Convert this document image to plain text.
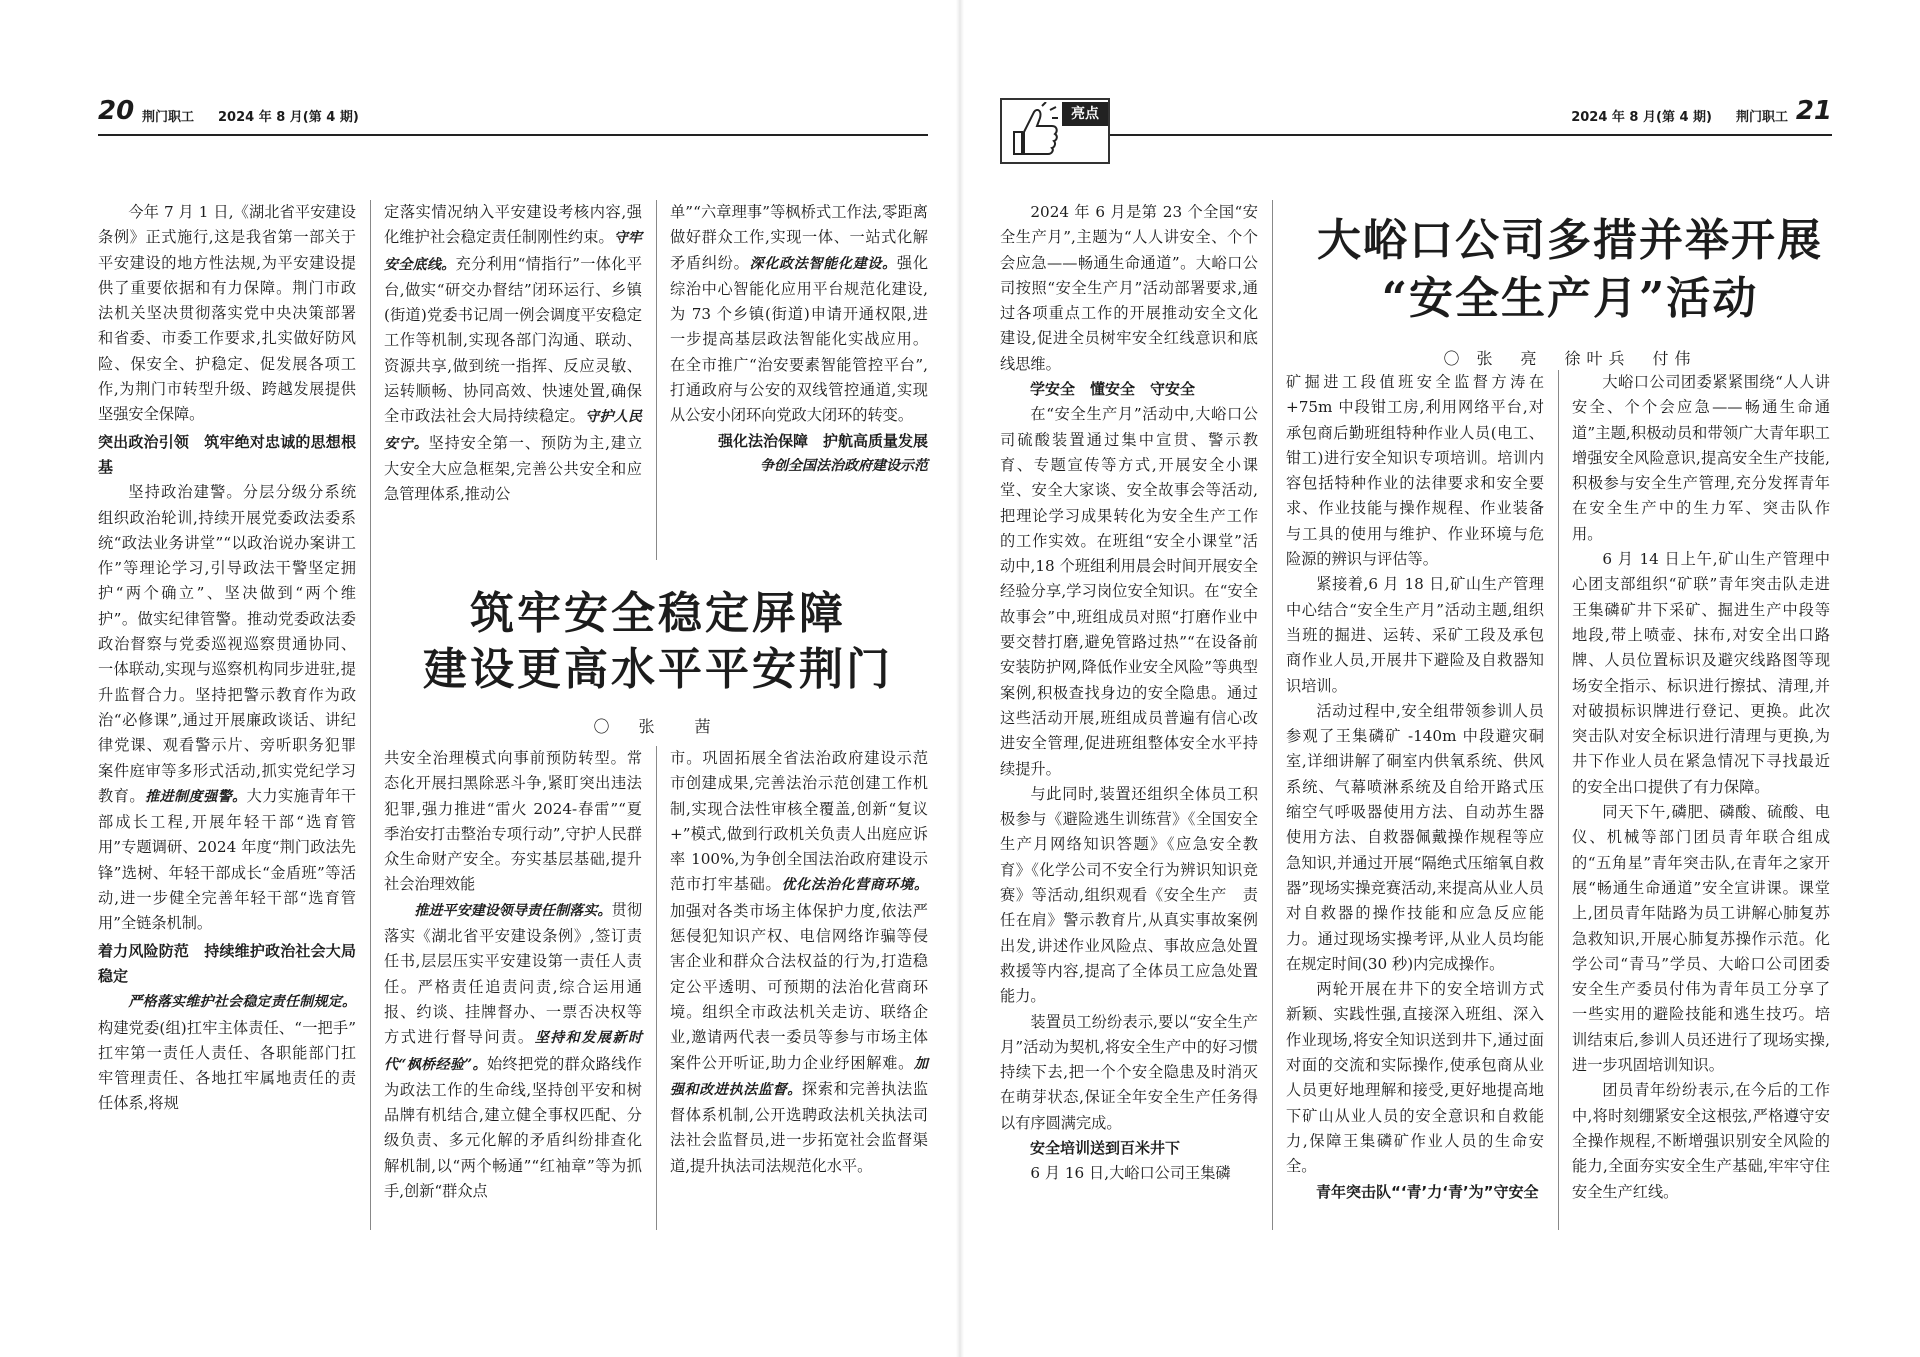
20 荆门职工 2024 年 8 月(第 4 期)	2024 年 8 月(第 4 期) 荆门职工 21
亮点

今年 7 月 1 日,《湖北省平安建设条例》正式施行,这是我省第一部关于平安建设的地方性法规,为平安建设提供了重要依据和有力保障。荆门市政法机关坚决贯彻落实党中央决策部署和省委、市委工作要求,扎实做好防风险、保安全、护稳定、促发展各项工作,为荆门市转型升级、跨越发展提供坚强安全保障。

突出政治引领　筑牢绝对忠诚的思想根基

坚持政治建警。分层分级分系统组织政治轮训,持续开展党委政法委系统“政法业务讲堂”“以政治说办案讲工作”等理论学习,引导政法干警坚定拥护“两个确立”、坚决做到“两个维护”。做实纪律管警。推动党委政法委政治督察与党委巡视巡察贯通协同、一体联动,实现与巡察机构同步进驻,提升监督合力。坚持把警示教育作为政治“必修课”,通过开展廉政谈话、讲纪律党课、观看警示片、旁听职务犯罪案件庭审等多形式活动,抓实党纪学习教育。推进制度强警。大力实施青年干部成长工程,开展年轻干部“选育管用”专题调研、2024 年度“荆门政法先锋”选树、年轻干部成长“金盾班”等活动,进一步健全完善年轻干部“选育管用”全链条机制。

着力风险防范　持续维护政治社会大局稳定

严格落实维护社会稳定责任制规定。构建党委(组)扛牢主体责任、“一把手” 扛牢第一责任人责任、各职能部门扛牢管理责任、各地扛牢属地责任的责任体系,将规

定落实情况纳入平安建设考核内容,强化维护社会稳定责任制刚性约束。守牢安全底线。充分利用“情指行”一体化平台,做实“研交办督结”闭环运行、乡镇(街道)党委书记周一例会调度平安稳定工作等机制,实现各部门沟通、联动、资源共享,做到统一指挥、反应灵敏、运转顺畅、协同高效、快速处置,确保全市政法社会大局持续稳定。守护人民安宁。坚持安全第一、预防为主,建立大安全大应急框架,完善公共安全和应急管理体系,推动公

单”“六章理事”等枫桥式工作法,零距离做好群众工作,实现一体、一站式化解矛盾纠纷。深化政法智能化建设。强化综治中心智能化应用平台规范化建设,为 73 个乡镇(街道)申请开通权限,进一步提高基层政法智能化实战应用。在全市推广“治安要素智能管控平台”,打通政府与公安的双线管控通道,实现从公安小闭环向党政大闭环的转变。

强化法治保障　护航高质量发展
争创全国法治政府建设示范
筑牢安全稳定屏障
建设更高水平平安荆门
〇 张　茜

共安全治理模式向事前预防转型。常态化开展扫黑除恶斗争,紧盯突出违法犯罪,强力推进“雷火 2024-春雷”“夏季治安打击整治专项行动”,守护人民群众生命财产安全。夯实基层基础,提升社会治理效能

推进平安建设领导责任制落实。贯彻落实《湖北省平安建设条例》,签订责任书,层层压实平安建设第一责任人责任。严格责任追责问责,综合运用通报、约谈、挂牌督办、一票否决权等方式进行督导问责。坚持和发展新时代“枫桥经验”。始终把党的群众路线作为政法工作的生命线,坚持创平安和树品牌有机结合,建立健全事权匹配、分级负责、多元化解的矛盾纠纷排查化解机制,以“两个畅通”“红袖章”等为抓手,创新“群众点

市。巩固拓展全省法治政府建设示范市创建成果,完善法治示范创建工作机制,实现合法性审核全覆盖,创新“复议 +”模式,做到行政机关负责人出庭应诉率 100%,为争创全国法治政府建设示范市打牢基础。优化法治化营商环境。加强对各类市场主体保护力度,依法严惩侵犯知识产权、电信网络诈骗等侵害企业和群众合法权益的行为,打造稳定公平透明、可预期的法治化营商环境。组织全市政法机关走访、联络企业,邀请两代表一委员等参与市场主体案件公开听证,助力企业纾困解难。加强和改进执法监督。探索和完善执法监督体系机制,公开选聘政法机关执法司法社会监督员,进一步拓宽社会监督渠道,提升执法司法规范化水平。

2024 年 6 月是第 23 个全国“安全生产月”,主题为“人人讲安全、个个会应急——畅通生命通道”。大峪口公司按照“安全生产月”活动部署要求,通过各项重点工作的开展推动安全文化建设,促进全员树牢安全红线意识和底线思维。

学安全　懂安全　守安全

在“安全生产月”活动中,大峪口公司硫酸装置通过集中宣贯、警示教育、专题宣传等方式,开展安全小课堂、安全大家谈、安全故事会等活动,把理论学习成果转化为安全生产工作的工作实效。在班组“安全小课堂”活动中,18 个班组利用晨会时间开展安全经验分享,学习岗位安全知识。在“安全故事会”中,班组成员对照“打磨作业中要交替打磨,避免管路过热”“在设备前安装防护网,降低作业安全风险”等典型案例,积极查找身边的安全隐患。通过这些活动开展,班组成员普遍有信心改进安全管理,促进班组整体安全水平持续提升。

与此同时,装置还组织全体员工积极参与《避险逃生训练营》《全国安全生产月网络知识答题》《应急安全教育》《化学公司不安全行为辨识知识竞赛》等活动,组织观看《安全生产　责任在肩》警示教育片,从真实事故案例出发,讲述作业风险点、事故应急处置救援等内容,提高了全体员工应急处置能力。

装置员工纷纷表示,要以“安全生产月”活动为契机,将安全生产中的好习惯持续下去,把一个个安全隐患及时消灭在萌芽状态,保证全年安全生产任务得以有序圆满完成。

安全培训送到百米井下

6 月 16 日,大峪口公司王集磷

大峪口公司多措并举开展
“安全生产月”活动
〇 张　亮　徐叶兵　付伟

矿掘进工段值班安全监督方涛在 +75m 中段钳工房,利用网络平台,对承包商后勤班组特种作业人员(电工、钳工)进行安全知识专项培训。培训内容包括特种作业的法律要求和安全要求、作业技能与操作规程、作业装备与工具的使用与维护、作业环境与危险源的辨识与评估等。

紧接着,6 月 18 日,矿山生产管理中心结合“安全生产月”活动主题,组织当班的掘进、运转、采矿工段及承包商作业人员,开展井下避险及自救器知识培训。

活动过程中,安全组带领参训人员参观了王集磷矿 -140m 中段避灾硐室,详细讲解了硐室内供氧系统、供风系统、气幕喷淋系统及自给开路式压缩空气呼吸器使用方法、自动苏生器使用方法、自救器佩戴操作规程等应急知识,并通过开展“隔绝式压缩氧自救器”现场实操竞赛活动,来提高从业人员对自救器的操作技能和应急反应能力。通过现场实操考评,从业人员均能在规定时间(30 秒)内完成操作。

两轮开展在井下的安全培训方式新颖、实践性强,直接深入班组、深入作业现场,将安全知识送到井下,通过面对面的交流和实际操作,使承包商从业人员更好地理解和接受,更好地提高地下矿山从业人员的安全意识和自救能力,保障王集磷矿作业人员的生命安全。

青年突击队“‘青’力‘青’为”守安全

大峪口公司团委紧紧围绕“人人讲安全、个个会应急——畅通生命通道”主题,积极动员和带领广大青年职工增强安全风险意识,提高安全生产技能,积极参与安全生产管理,充分发挥青年在安全生产中的生力军、突击队作用。

6 月 14 日上午,矿山生产管理中心团支部组织“矿联”青年突击队走进王集磷矿井下采矿、掘进生产中段等地段,带上喷壶、抹布,对安全出口路牌、人员位置标识及避灾线路图等现场安全指示、标识进行擦拭、清理,并对破损标识牌进行登记、更换。此次突击队对安全标识进行清理与更换,为井下作业人员在紧急情况下寻找最近的安全出口提供了有力保障。

同天下午,磷肥、磷酸、硫酸、电仪、机械等部门团员青年联合组成的“五角星”青年突击队,在青年之家开展“畅通生命通道”安全宣讲课。课堂上,团员青年陆路为员工讲解心肺复苏急救知识,开展心肺复苏操作示范。化学公司“青马”学员、大峪口公司团委安全生产委员付伟为青年员工分享了一些实用的避险技能和逃生技巧。培训结束后,参训人员还进行了现场实操,进一步巩固培训知识。

团员青年纷纷表示,在今后的工作中,将时刻绷紧安全这根弦,严格遵守安全操作规程,不断增强识别安全风险的能力,全面夯实安全生产基础,牢牢守住安全生产红线。
